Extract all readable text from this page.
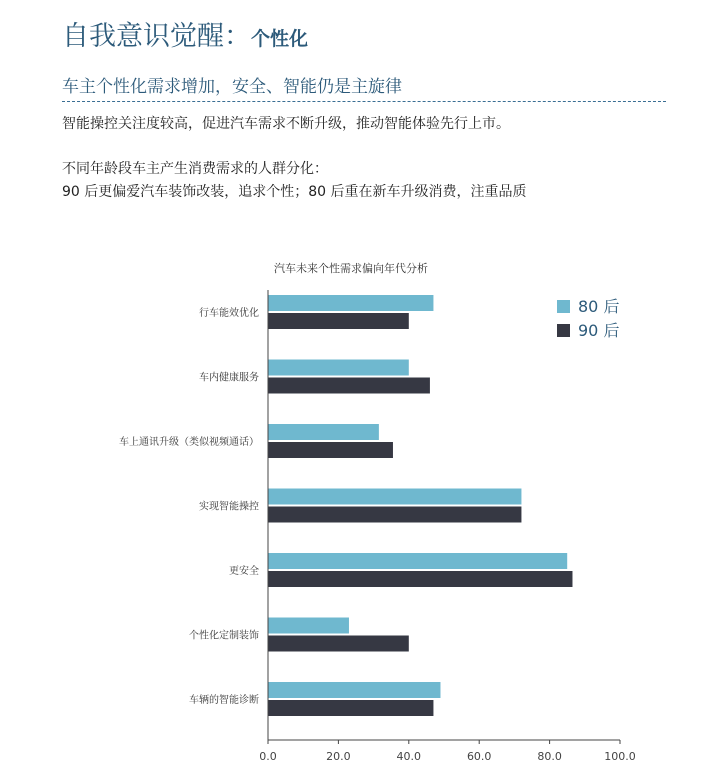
自我意识觉醒：个性化
车主个性化需求增加，安全、智能仍是主旋律
智能操控关注度较高，促进汽车需求不断升级，推动智能体验先行上市。
不同年龄段车主产生消费需求的人群分化：
90 后更偏爱汽车装饰改装，追求个性；80 后重在新车升级消费，注重品质
汽车未来个性需求偏向年代分析
行车能效优化
车内健康服务
车上通讯升级（类似视频通话）
实现智能操控
更安全
个性化定制装饰
车辆的智能诊断
0.0	20.0	40.0	60.0	80.0	100.0
80 后
90 后
